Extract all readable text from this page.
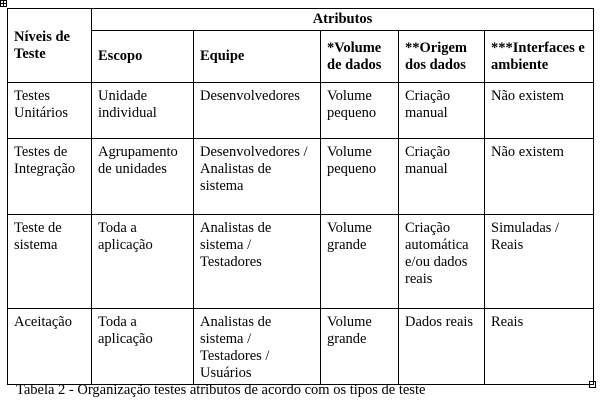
Níveis de Teste	Atributos				
	Escopo	Equipe	*Volume de dados	**Origem dos dados	***Interfaces e ambiente
Testes Unitários	Unidade individual	Desenvolvedores	Volume pequeno	Criação manual	Não existem
Testes de Integração	Agrupamento de unidades	Desenvolvedores / Analistas de sistema	Volume pequeno	Criação manual	Não existem
Teste de sistema	Toda a aplicação	Analistas de sistema / Testadores	Volume grande	Criação automática e/ou dados reais	Simuladas / Reais
Aceitação	Toda a aplicação	Analistas de sistema / Testadores / Usuários	Volume grande	Dados reais	Reais
Tabela 2 - Organização testes atributos de acordo com os tipos de teste
